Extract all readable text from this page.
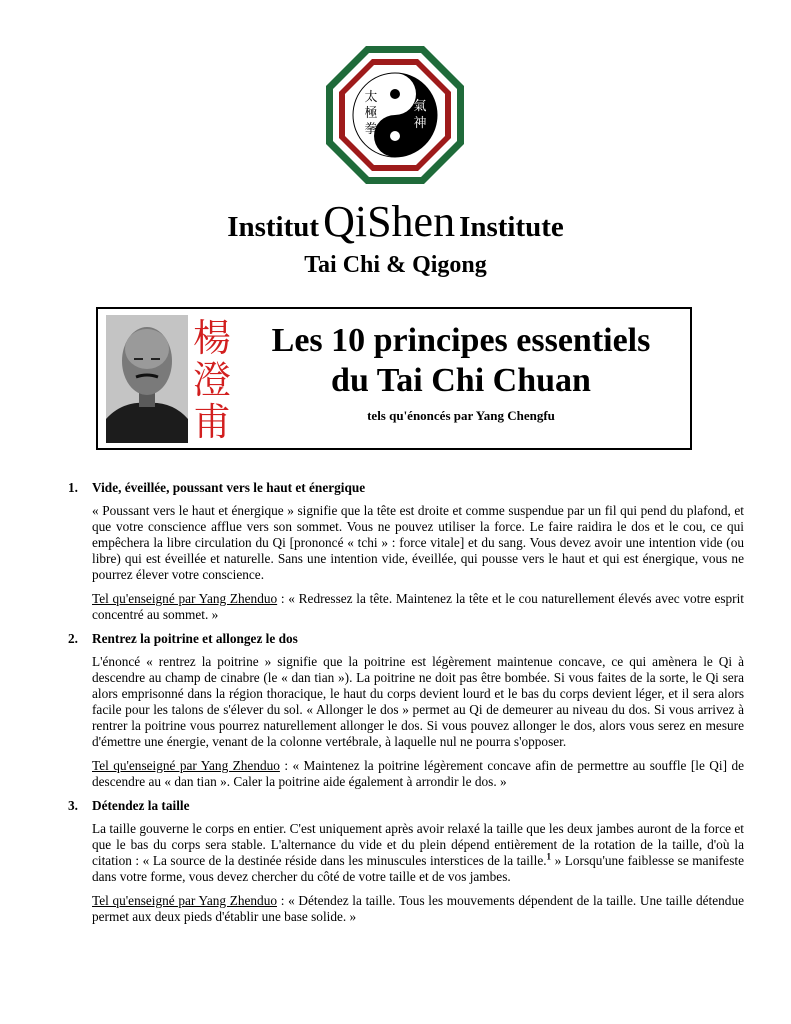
太
極
拳
氣
神
Institut QiShen Institute
Tai Chi & Qigong
楊
澄
甫
Les 10 principes essentiels
du Tai Chi Chuan
tels qu'énoncés par Yang Chengfu
1.	Vide, éveillée, poussant vers le haut et énergique

« Poussant vers le haut et énergique » signifie que la tête est droite et comme suspendue par un fil qui pend du plafond, et que votre conscience afflue vers son sommet. Vous ne pouvez utiliser la force. Le faire raidira le dos et le cou, ce qui empêchera la libre circulation du Qi [prononcé « tchi » : force vitale] et du sang. Vous devez avoir une intention vide (ou libre) qui est éveillée et naturelle. Sans une intention vide, éveillée, qui pousse vers le haut et qui est énergique, vous ne pourrez élever votre conscience.

Tel qu'enseigné par Yang Zhenduo : « Redressez la tête. Maintenez la tête et le cou naturellement élevés avec votre esprit concentré au sommet. »

2.	Rentrez la poitrine et allongez le dos

L'énoncé « rentrez la poitrine » signifie que la poitrine est légèrement maintenue concave, ce qui amènera le Qi à descendre au champ de cinabre (le « dan tian »). La poitrine ne doit pas être bombée. Si vous faites de la sorte, le Qi sera alors emprisonné dans la région thoracique, le haut du corps devient lourd et le bas du corps devient léger, et il sera alors facile pour les talons de s'élever du sol. « Allonger le dos » permet au Qi de demeurer au niveau du dos. Si vous arrivez à rentrer la poitrine vous pourrez naturellement allonger le dos. Si vous pouvez allonger le dos, alors vous serez en mesure d'émettre une énergie, venant de la colonne vertébrale, à laquelle nul ne pourra s'opposer.

Tel qu'enseigné par Yang Zhenduo : « Maintenez la poitrine légèrement concave afin de permettre au souffle [le Qi] de descendre au « dan tian ». Caler la poitrine aide également à arrondir le dos. »

3.	Détendez la taille

La taille gouverne le corps en entier. C'est uniquement après avoir relaxé la taille que les deux jambes auront de la force et que le bas du corps sera stable. L'alternance du vide et du plein dépend entièrement de la rotation de la taille, d'où la citation : « La source de la destinée réside dans les minuscules interstices de la taille.$^1$ » Lorsqu'une faiblesse se manifeste dans votre forme, vous devez chercher du côté de votre taille et de vos jambes.

Tel qu'enseigné par Yang Zhenduo : « Détendez la taille. Tous les mouvements dépendent de la taille. Une taille détendue permet aux deux pieds d'établir une base solide. »
